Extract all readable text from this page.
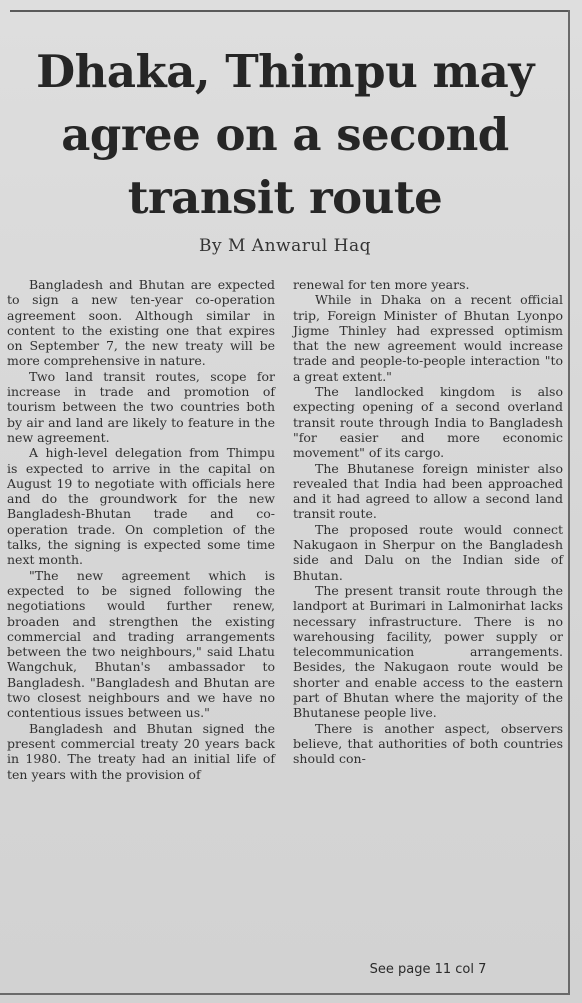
Dhaka, Thimpu may agree on a second transit route
By M Anwarul Haq

Bangladesh and Bhutan are expected to sign a new ten-year co-operation agreement soon. Although similar in content to the existing one that expires on September 7, the new treaty will be more comprehensive in nature.

Two land transit routes, scope for increase in trade and promotion of tourism between the two countries both by air and land are likely to feature in the new agreement.

A high-level delegation from Thimpu is expected to arrive in the capital on August 19 to negotiate with officials here and do the groundwork for the new Bangladesh-Bhutan trade and co-operation trade. On completion of the talks, the signing is expected some time next month.

"The new agreement which is expected to be signed following the negotiations would further renew, broaden and strengthen the existing commercial and trading arrangements between the two neighbours," said Lhatu Wangchuk, Bhutan's ambassador to Bangladesh. "Bangladesh and Bhutan are two closest neighbours and we have no contentious issues between us."

Bangladesh and Bhutan signed the present commercial treaty 20 years back in 1980. The treaty had an initial life of ten years with the provision of

renewal for ten more years.

While in Dhaka on a recent official trip, Foreign Minister of Bhutan Lyonpo Jigme Thinley had expressed optimism that the new agreement would increase trade and people-to-people interaction "to a great extent."

The landlocked kingdom is also expecting opening of a second overland transit route through India to Bangladesh "for easier and more economic movement" of its cargo.

The Bhutanese foreign minister also revealed that India had been approached and it had agreed to allow a second land transit route.

The proposed route would connect Nakugaon in Sherpur on the Bangladesh side and Dalu on the Indian side of Bhutan.

The present transit route through the landport at Burimari in Lalmonirhat lacks necessary infrastructure. There is no warehousing facility, power supply or telecommunication arrangements. Besides, the Nakugaon route would be shorter and enable access to the eastern part of Bhutan where the majority of the Bhutanese people live.

There is another aspect, observers believe, that authorities of both countries should con-

See page 11 col 7
